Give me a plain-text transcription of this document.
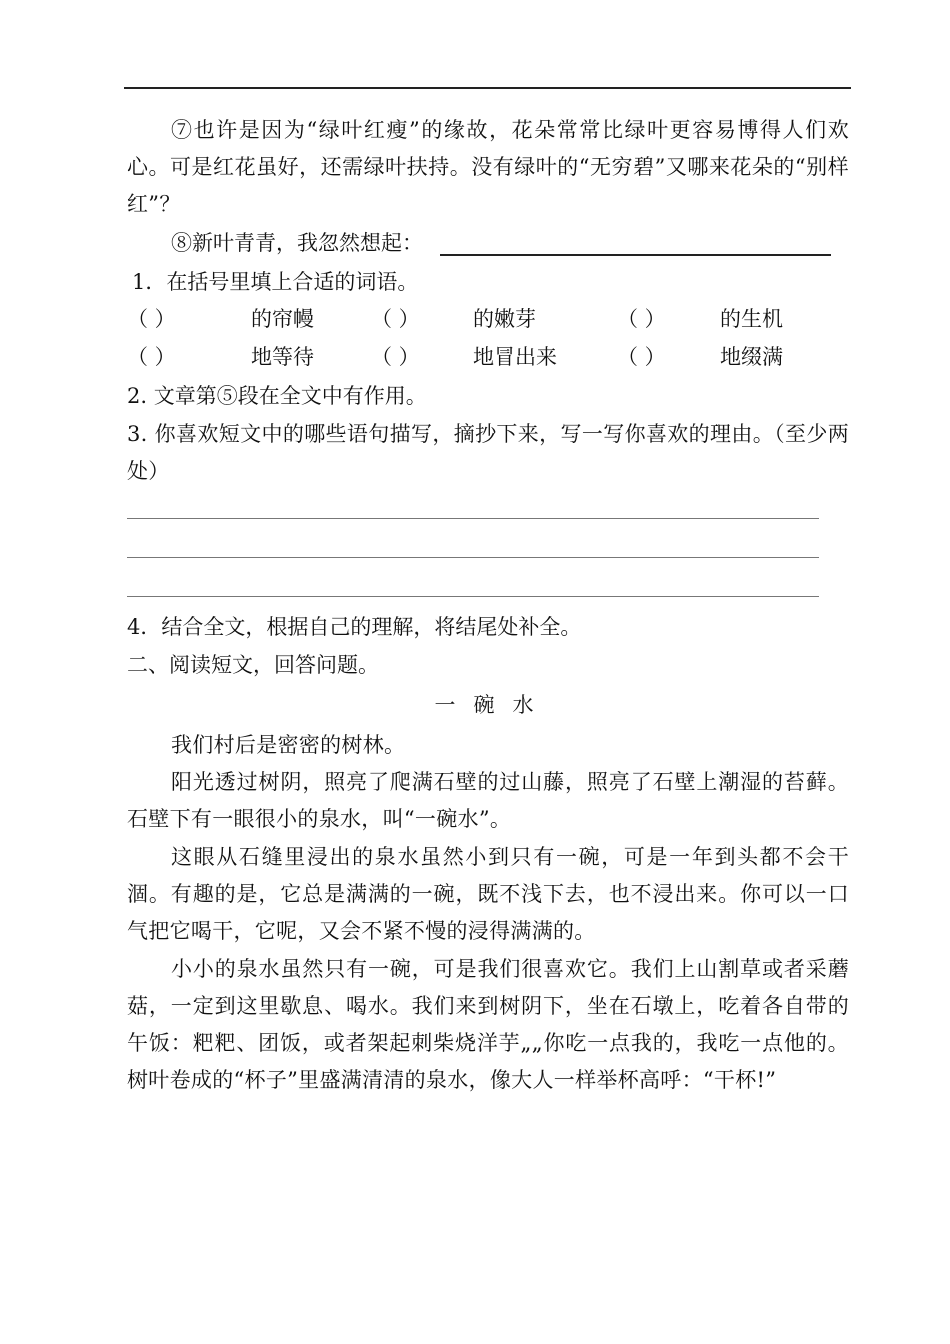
⑦也许是因为“绿叶红瘦”的缘故，花朵常常比绿叶更容易博得人们欢心。可是红花虽好，还需绿叶扶持。没有绿叶的“无穷碧”又哪来花朵的“别样红”？

⑧新叶青青，我忽然想起：

1．在括号里填上合适的词语。

（ ）	的帘幔	（ ）	的嫩芽	（ ）	的生机
（ ）	地等待	（ ）	地冒出来	（ ）	地缀满

2. 文章第⑤段在全文中有作用。

3. 你喜欢短文中的哪些语句描写，摘抄下来，写一写你喜欢的理由。（至少两处）

4．结合全文，根据自己的理解，将结尾处补全。

二、阅读短文，回答问题。

一碗水

我们村后是密密的树林。

阳光透过树阴，照亮了爬满石壁的过山藤，照亮了石壁上潮湿的苔藓。石壁下有一眼很小的泉水，叫“一碗水”。

这眼从石缝里浸出的泉水虽然小到只有一碗，可是一年到头都不会干涸。有趣的是，它总是满满的一碗，既不浅下去，也不浸出来。你可以一口气把它喝干，它呢，又会不紧不慢的浸得满满的。

小小的泉水虽然只有一碗，可是我们很喜欢它。我们上山割草或者采蘑菇，一定到这里歇息、喝水。我们来到树阴下，坐在石墩上，吃着各自带的午饭：粑粑、团饭，或者架起刺柴烧洋芋„„你吃一点我的，我吃一点他的。树叶卷成的“杯子”里盛满清清的泉水，像大人一样举杯高呼：“干杯!”
